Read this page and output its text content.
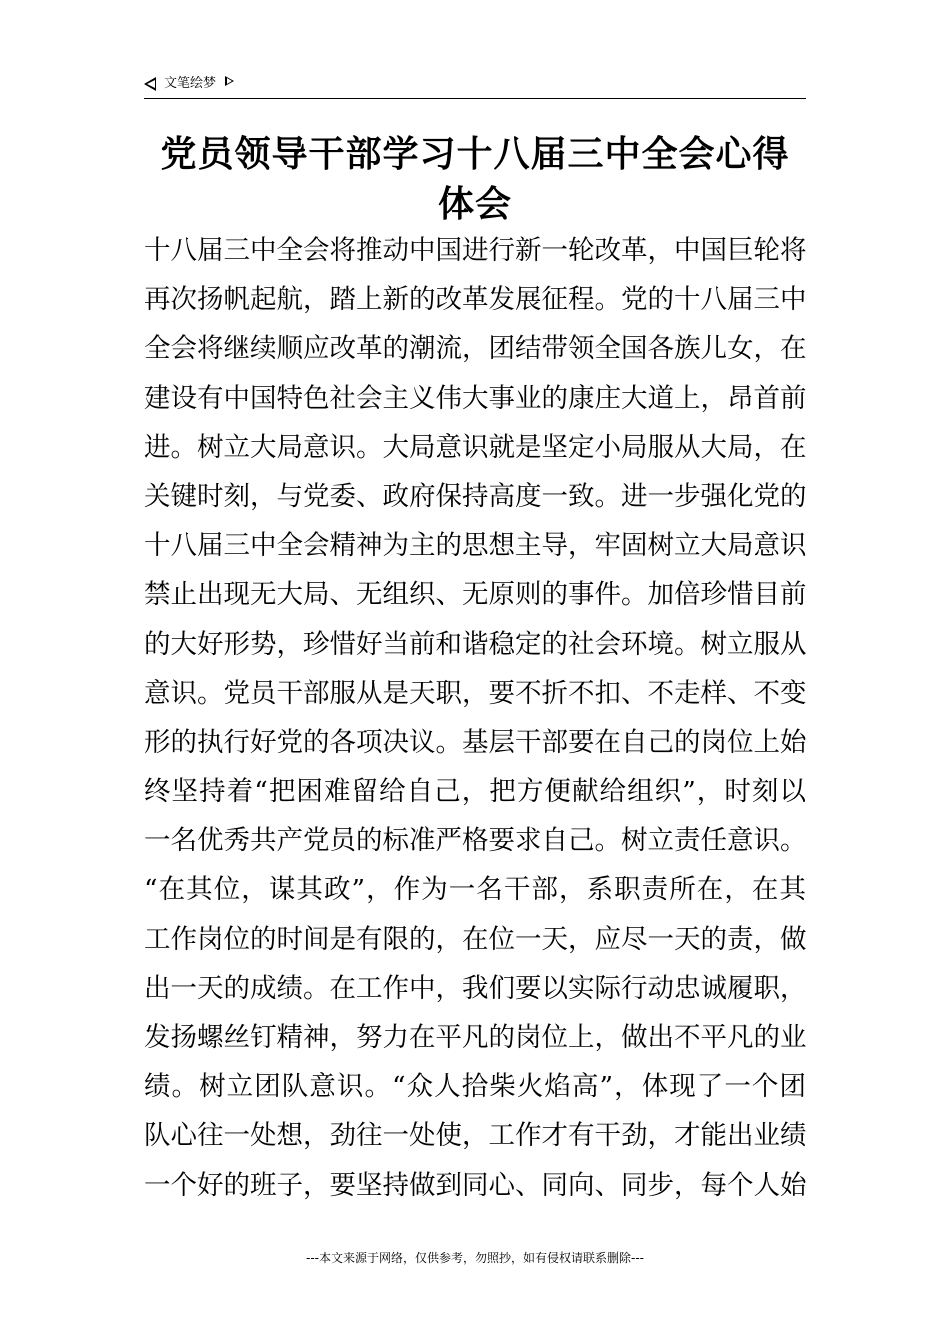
文笔绘梦
党员领导干部学习十八届三中全会心得体会
十八届三中全会将推动中国进行新一轮改革，中国巨轮将
再次扬帆起航，踏上新的改革发展征程。党的十八届三中
全会将继续顺应改革的潮流，团结带领全国各族儿女，在
建设有中国特色社会主义伟大事业的康庄大道上，昂首前
进。树立大局意识。大局意识就是坚定小局服从大局，在
关键时刻，与党委、政府保持高度一致。进一步强化党的
十八届三中全会精神为主的思想主导，牢固树立大局意识
禁止出现无大局、无组织、无原则的事件。加倍珍惜目前
的大好形势，珍惜好当前和谐稳定的社会环境。树立服从
意识。党员干部服从是天职，要不折不扣、不走样、不变
形的执行好党的各项决议。基层干部要在自己的岗位上始
终坚持着“把困难留给自己，把方便献给组织”，时刻以
一名优秀共产党员的标准严格要求自己。树立责任意识。
“在其位，谋其政”，作为一名干部，系职责所在，在其
工作岗位的时间是有限的，在位一天，应尽一天的责，做
出一天的成绩。在工作中，我们要以实际行动忠诚履职，
发扬螺丝钉精神，努力在平凡的岗位上，做出不平凡的业
绩。树立团队意识。“众人拾柴火焰高”，体现了一个团
队心往一处想，劲往一处使，工作才有干劲，才能出业绩
一个好的班子，要坚持做到同心、同向、同步，每个人始
---本文来源于网络，仅供参考，勿照抄，如有侵权请联系删除---
